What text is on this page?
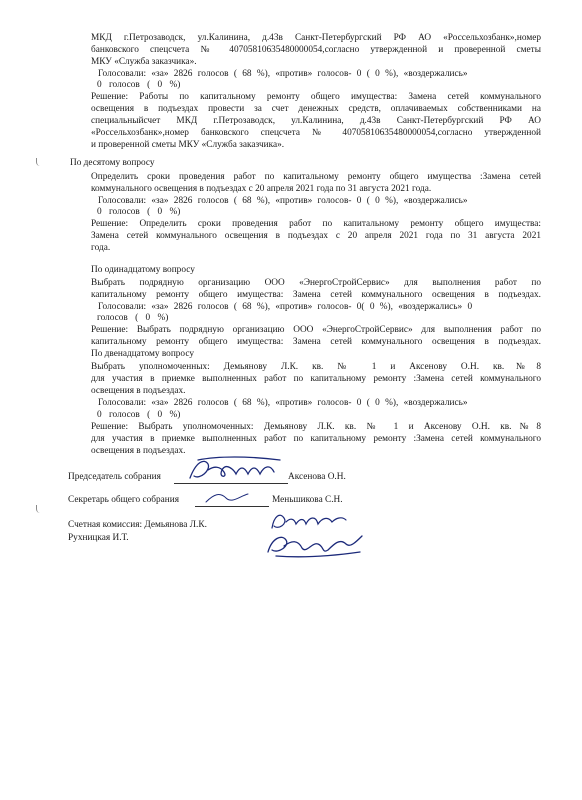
МКД г.Петрозаводск, ул.Калинина, д.43в Санкт-Петербургский РФ АО «Россельхозбанк»,номер
банковского спецсчета № 40705810635480000054,согласно утвержденной и проверенной сметы
МКУ «Служба заказчика».
Голосовали: «за» 2826 голосов ( 68 %), «против» голосов- 0 ( 0 %), «воздержались»
0 голосов ( 0 %)
Решение: Работы по капитальному ремонту общего имущества: Замена сетей коммунального
освещения в подъездах провести за счет денежных средств, оплачиваемых собственниками на
специальныйсчет МКД г.Петрозаводск, ул.Калинина, д.43в Санкт-Петербургский РФ АО
«Россельхозбанк»,номер банковского спецсчета № 40705810635480000054,согласно утвержденной
и проверенной сметы МКУ «Служба заказчика».
По десятому вопросу
Определить сроки проведения работ по капитальному ремонту общего имущества :Замена сетей
коммунального освещения в подъездах с 20 апреля 2021 года по 31 августа 2021 года.
Голосовали: «за» 2826 голосов ( 68 %), «против» голосов- 0 ( 0 %), «воздержались»
0 голосов ( 0 %)
Решение: Определить сроки проведения работ по капитальному ремонту общего имущества:
Замена сетей коммунального освещения в подъездах с 20 апреля 2021 года по 31 августа 2021
года.
По одинадцатому вопросу
Выбрать подрядную организацию ООО «ЭнергоСтройСервис» для выполнения работ по
капитальному ремонту общего имущества: Замена сетей коммунального освещения в подъездах.
Голосовали: «за» 2826 голосов ( 68 %), «против» голосов- 0( 0 %), «воздержались» 0
голосов ( 0 %)
Решение: Выбрать подрядную организацию ООО «ЭнергоСтройСервис» для выполнения работ по
капитальному ремонту общего имущества: Замена сетей коммунального освещения в подъездах.
По двенадцатому вопросу
Выбрать уполномоченных: Демьянову Л.К. кв. № 1 и Аксенову О.Н. кв.№8
для участия в приемке выполненных работ по капитальному ремонту :Замена сетей коммунального
освещения в подъездах.
Голосовали: «за» 2826 голосов ( 68 %), «против» голосов- 0 ( 0 %), «воздержались»
0 голосов ( 0 %)
Решение: Выбрать уполномоченных: Демьянову Л.К. кв. № 1 и Аксенову О.Н. кв.№8
для участия в приемке выполненных работ по капитальному ремонту :Замена сетей коммунального
освещения в подъездах.
Председатель собрания	Аксенова О.Н.
Секретарь общего собрания	Меньшикова С.Н.
Счетная комиссия: Демьянова Л.К.
Рухницкая И.Т.
